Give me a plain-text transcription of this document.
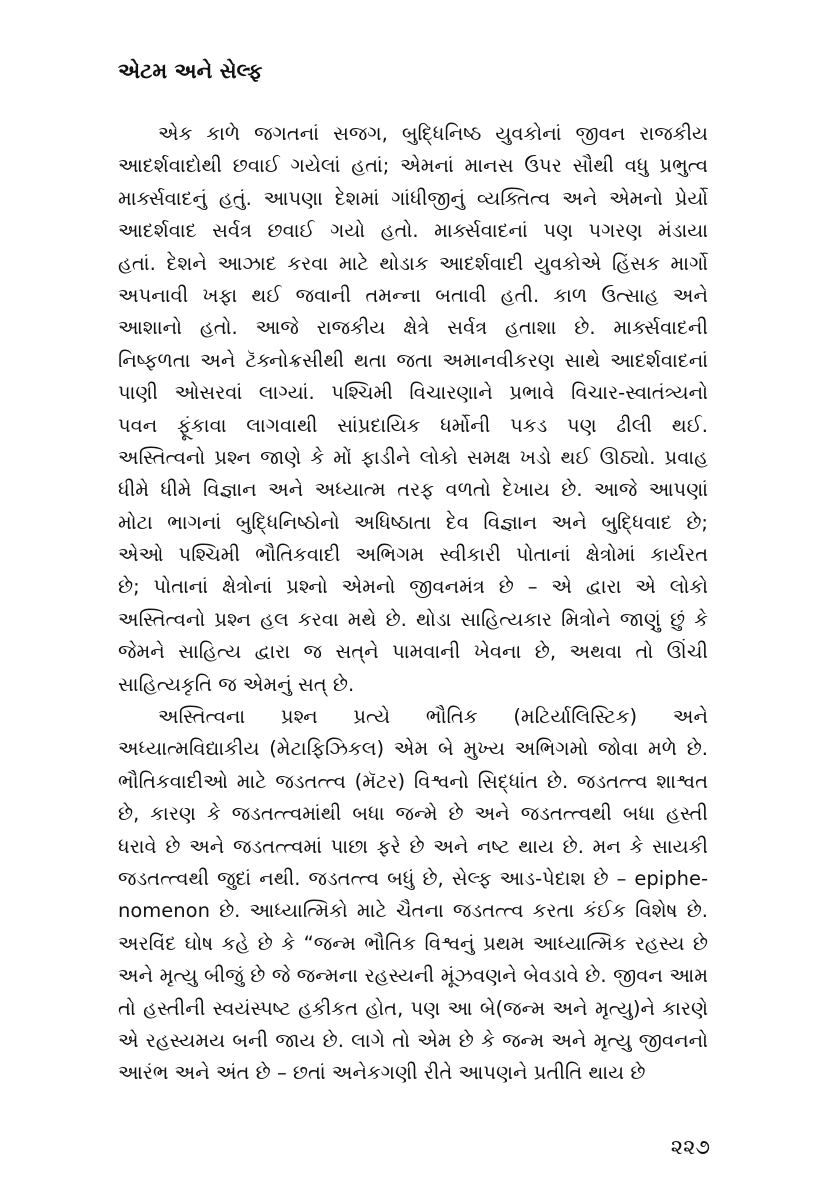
એટમ અને સેલ્ફ
એક કાળે જગતનાં સજગ, બુદ્ધિનિષ્ઠ યુવકોનાં જીવન રાજકીય
આદર્શવાદોથી છવાઈ ગયેલાં હતાં; એમનાં માનસ ઉપર સૌથી વધુ પ્રભુત્વ
માર્ક્સવાદનું હતું. આપણા દેશમાં ગાંધીજીનું વ્યક્તિત્વ અને એમનો પ્રેર્યો
આદર્શવાદ સર્વત્ર છવાઈ ગયો હતો. માર્ક્સવાદનાં પણ પગરણ મંડાયા
હતાં. દેશને આઝાદ કરવા માટે થોડાક આદર્શવાદી યુવકોએ હિંસક માર્ગો
અપનાવી ખફા થઈ જવાની તમન્ના બતાવી હતી. કાળ ઉત્સાહ અને
આશાનો હતો. આજે રાજકીય ક્ષેત્રે સર્વત્ર હતાશા છે. માર્ક્સવાદની
નિષ્ફળતા અને ટૅક્નોક્રસીથી થતા જતા અમાનવીકરણ સાથે આદર્શવાદનાં
પાણી ઓસરવાં લાગ્યાં. પશ્ચિમી વિચારણાને પ્રભાવે વિચાર-સ્વાતંત્ર્યનો
પવન ફૂંકાવા લાગવાથી સાંપ્રદાયિક ધર્મોની પકડ પણ ઢીલી થઈ.
અસ્તિત્વનો પ્રશ્ન જાણે કે મોં ફાડીને લોકો સમક્ષ ખડો થઈ ઊઠ્યો. પ્રવાહ
ધીમે ધીમે વિજ્ઞાન અને અધ્યાત્મ તરફ વળતો દેખાય છે. આજે આપણાં
મોટા ભાગનાં બુદ્ધિનિષ્ઠોનો અધિષ્ઠાતા દેવ વિજ્ઞાન અને બુદ્ધિવાદ છે;
એઓ પશ્ચિમી ભૌતિકવાદી અભિગમ સ્વીકારી પોતાનાં ક્ષેત્રોમાં કાર્યરત
છે; પોતાનાં ક્ષેત્રોનાં પ્રશ્નો એમનો જીવનમંત્ર છે – એ દ્વારા એ લોકો
અસ્તિત્વનો પ્રશ્ન હલ કરવા મથે છે. થોડા સાહિત્યકાર મિત્રોને જાણું છું કે
જેમને સાહિત્ય દ્વારા જ સત્‌ને પામવાની ખેવના છે, અથવા તો ઊંચી
સાહિત્યકૃતિ જ એમનું સત્ છે.
અસ્તિત્વના પ્રશ્ન પ્રત્યે ભૌતિક (મટિર્યાલિસ્ટિક) અને
અધ્યાત્મવિદ્યાકીય (મેટાફિઝિકલ) એમ બે મુખ્ય અભિગમો જોવા મળે છે.
ભૌતિકવાદીઓ માટે જડતત્ત્વ (મૅટર) વિશ્વનો સિદ્ધાંત છે. જડતત્ત્વ શાશ્વત
છે, કારણ કે જડતત્ત્વમાંથી બધા જન્મે છે અને જડતત્ત્વથી બધા હસ્તી
ધરાવે છે અને જડતત્ત્વમાં પાછા ફરે છે અને નષ્ટ થાય છે. મન કે સાયકી
જડતત્ત્વથી જુદાં નથી. જડતત્ત્વ બધું છે, સેલ્ફ આડ-પેદાશ છે – epiphe-
nomenon છે. આધ્યાત્મિકો માટે ચૈતના જડતત્ત્વ કરતા કંઈક વિશેષ છે.
અરવિંદ ઘોષ કહે છે કે “જન્મ ભૌતિક વિશ્વનું પ્રથમ આધ્યાત્મિક રહસ્ય છે
અને મૃત્યુ બીજું છે જે જન્મના રહસ્યની મૂંઝવણને બેવડાવે છે. જીવન આમ
તો હસ્તીની સ્વયંસ્પષ્ટ હકીકત હોત, પણ આ બે(જન્મ અને મૃત્યુ)ને કારણે
એ રહસ્યમય બની જાય છે. લાગે તો એમ છે કે જન્મ અને મૃત્યુ જીવનનો
આરંભ અને અંત છે – છતાં અનેકગણી રીતે આપણને પ્રતીતિ થાય છે
૨૨૭
